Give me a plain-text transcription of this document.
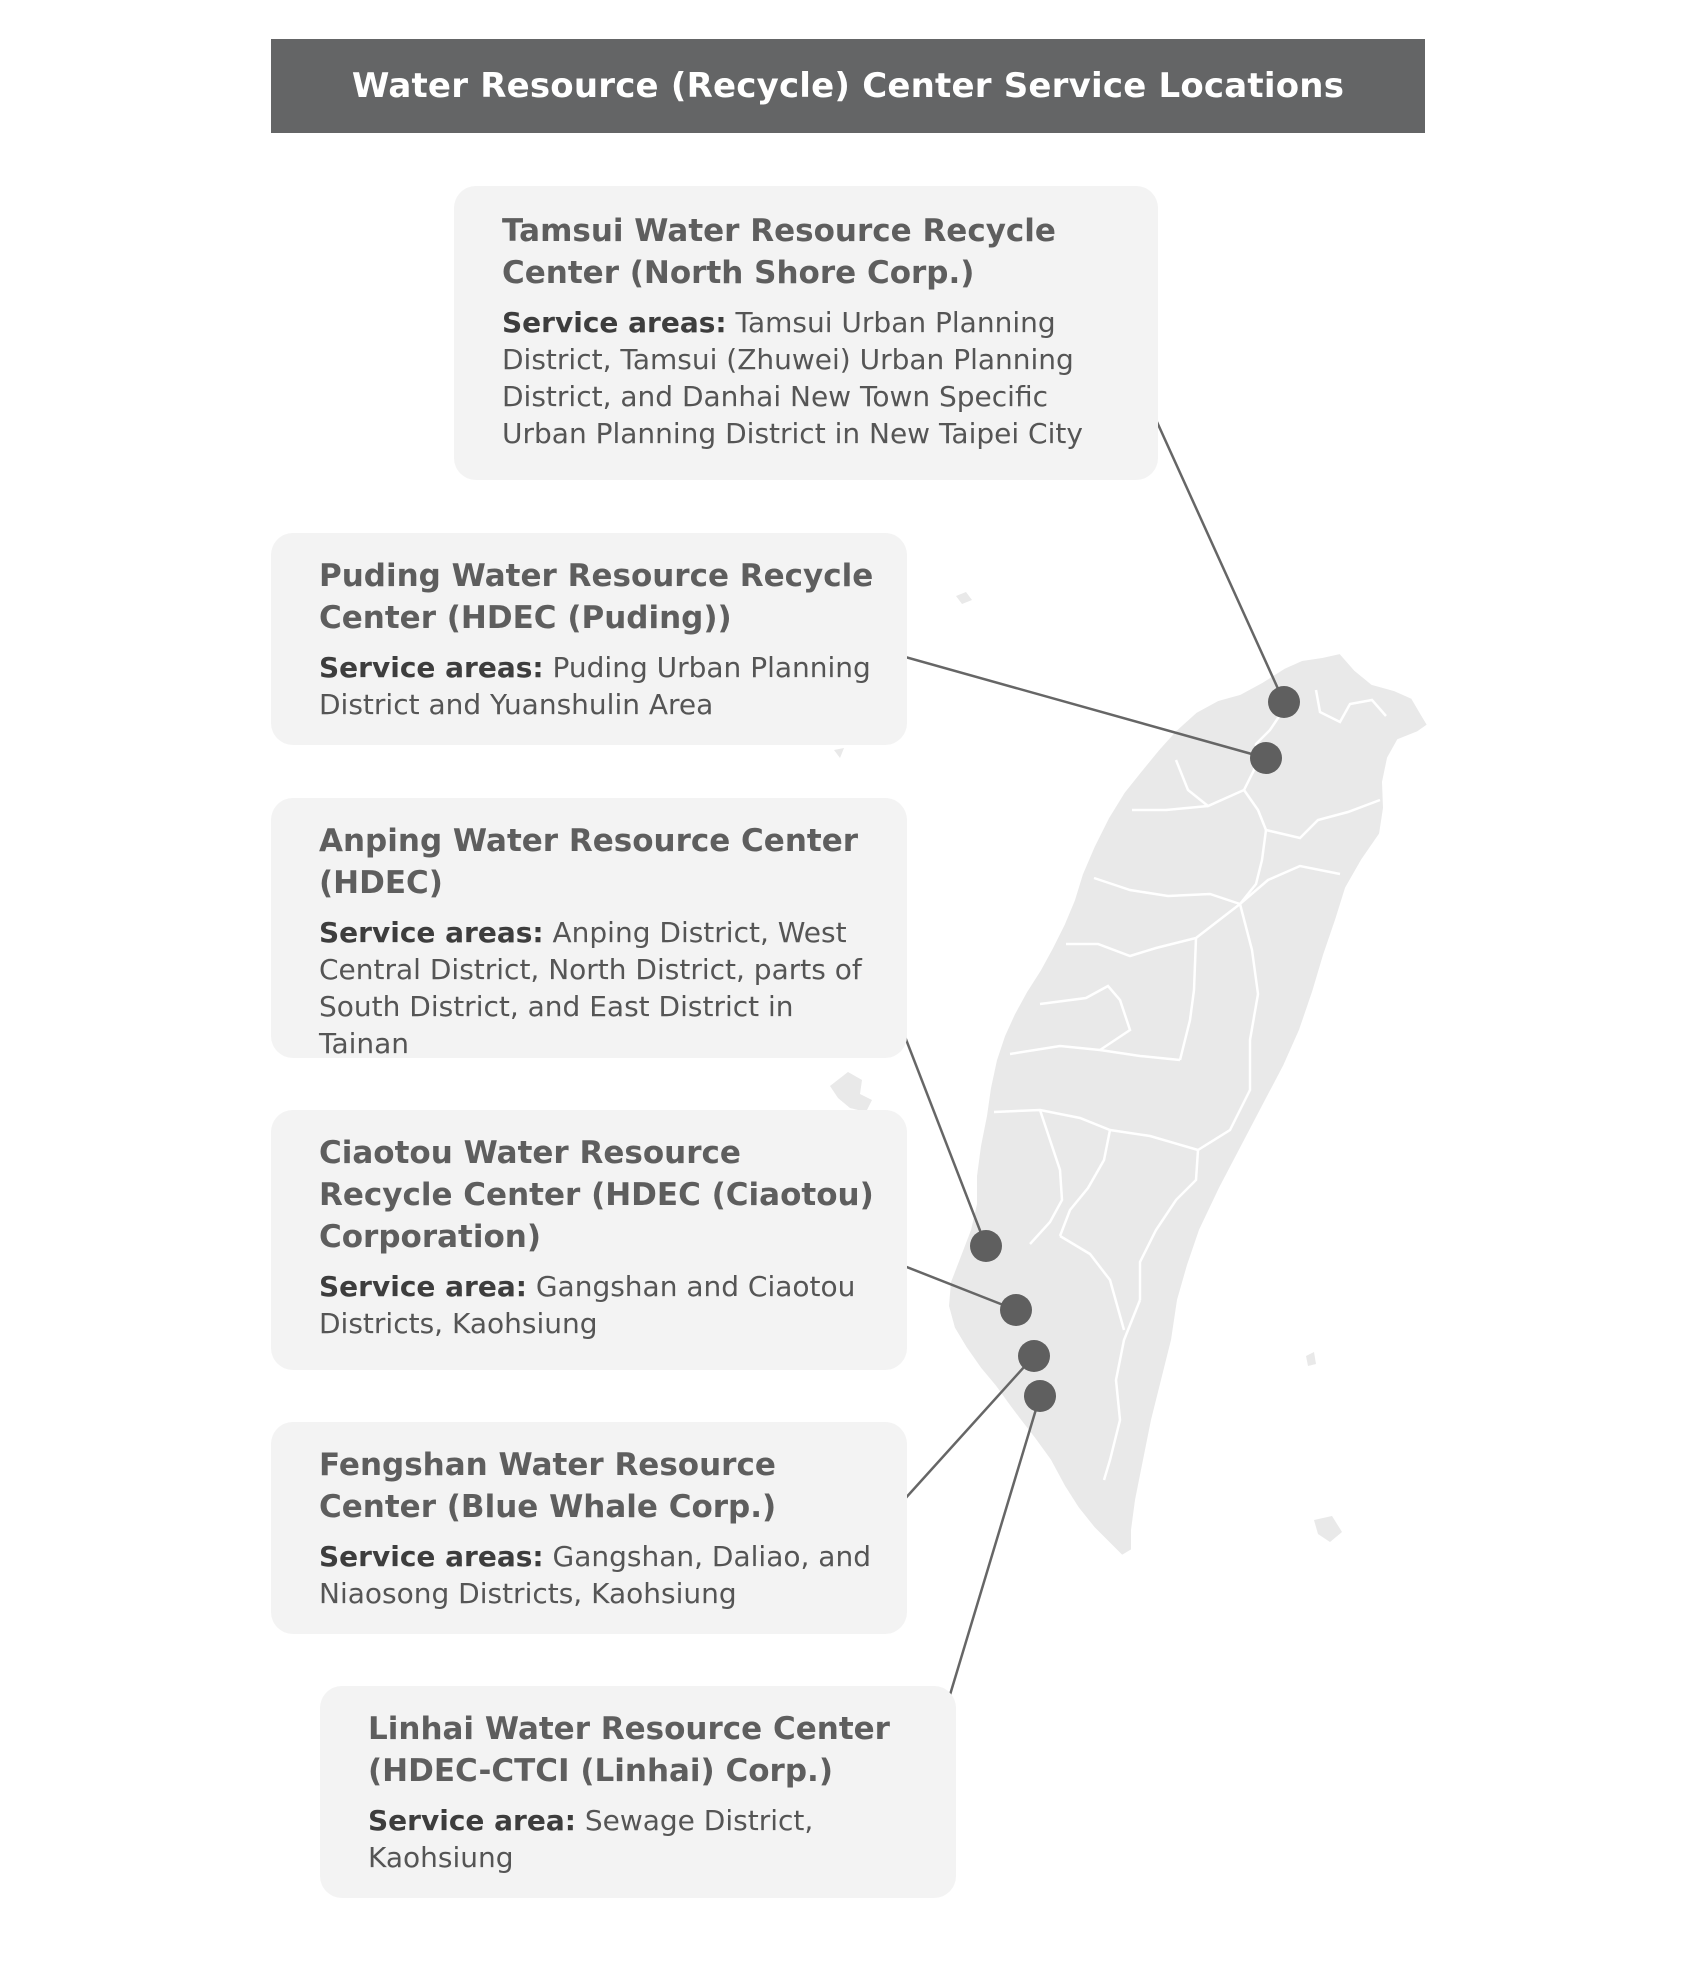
Water Resource (Recycle) Center Service Locations

Tamsui Water Resource Recycle Center (North Shore Corp.)

Service areas: Tamsui Urban Planning District, Tamsui (Zhuwei) Urban Planning District, and Danhai New Town Specific Urban Planning District in New Taipei City

Puding Water Resource Recycle Center (HDEC (Puding))

Service areas: Puding Urban Planning District and Yuanshulin Area

Anping Water Resource Center (HDEC)

Service areas: Anping District, West Central District, North District, parts of South District, and East District in Tainan

Ciaotou Water Resource Recycle Center (HDEC (Ciaotou) Corporation)

Service area: Gangshan and Ciaotou Districts, Kaohsiung

Fengshan Water Resource Center (Blue Whale Corp.)

Service areas: Gangshan, Daliao, and Niaosong Districts, Kaohsiung

Linhai Water Resource Center (HDEC-CTCI (Linhai) Corp.)

Service area: Sewage District, Kaohsiung
